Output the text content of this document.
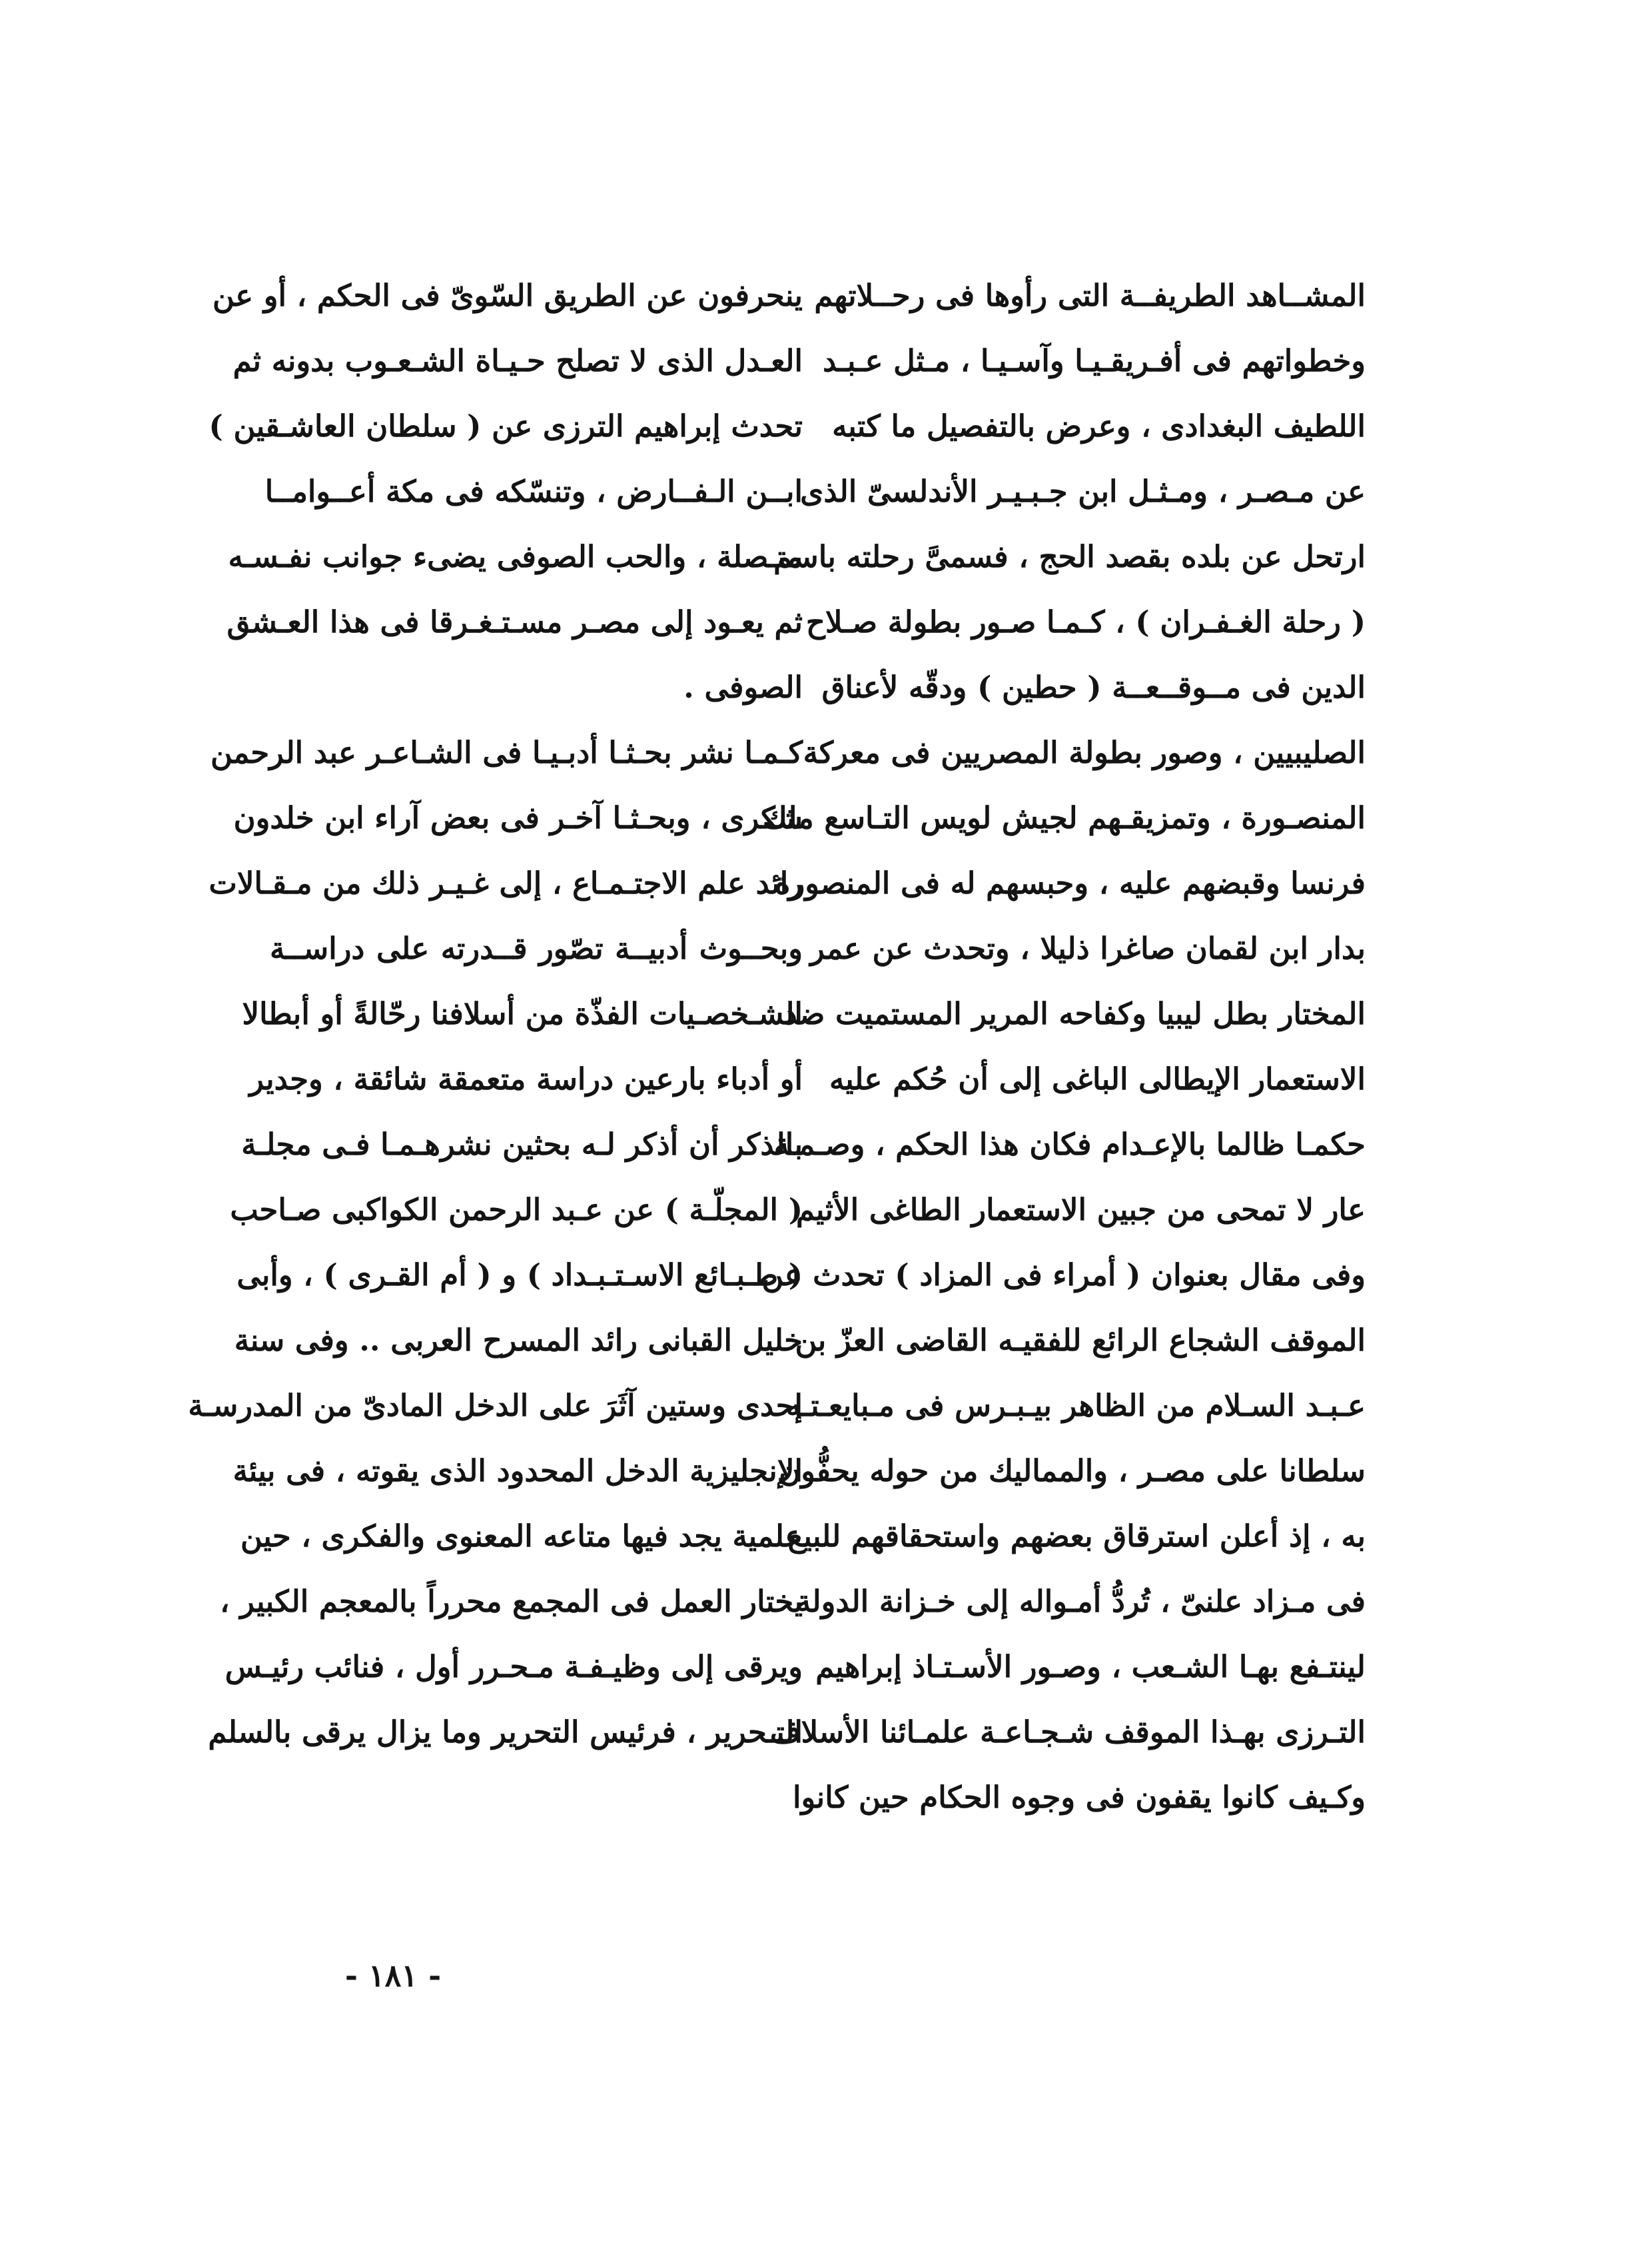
المشــاهد الطريفــة التى رأوها فى رحــلاتهم
وخطواتهم فى أفـريقـيـا وآسـيـا ، مـثل عـبـد
اللطيف البغدادى ، وعرض بالتفصيل ما كتبه
عن مـصـر ، ومـثـل ابن جـبـيـر الأندلسىّ الذى
ارتحل عن بلده بقصد الحج ، فسمىَّ رحلته باسم
( رحلة الغـفـران ) ، كـمـا صـور بطولة صـلاح
الدين فى مــوقــعــة ( حطين ) ودقّه لأعناق
الصليبيين ، وصور بطولة المصريين فى معركة
المنصـورة ، وتمزيقـهم لجيش لويس التـاسع ملك
فرنسا وقبضهم عليه ، وحبسهم له فى المنصورة
بدار ابن لقمان صاغرا ذليلا ، وتحدث عن عمر
المختار بطل ليبيا وكفاحه المرير المستميت ضد
الاستعمار الإيطالى الباغى إلى أن حُكم عليه
حكمـا ظالما بالإعـدام فكان هذا الحكم ، وصـمـة
عار لا تمحى من جبين الاستعمار الطاغى الأثيم
وفى مقال بعنوان ( أمراء فى المزاد ) تحدث عن
الموقف الشجاع الرائع للفقيـه القاضى العزّ بن
عـبـد السـلام من الظاهر بيـبـرس فى مـبايعـتـه
سلطانا على مصـر ، والمماليك من حوله يحفُّون
به ، إذ أعلن استرقاق بعضهم واستحقاقهم للبيع
فى مـزاد علنىّ ، تُردُّ أمـواله إلى خـزانة الدولة
لينتـفع بهـا الشـعب ، وصـور الأسـتـاذ إبراهيم
التـرزى بهـذا الموقف شـجـاعـة علمـائنا الأسلاف
وكـيف كانوا يقفون فى وجوه الحكام حين كانوا
ينحرفون عن الطريق السّوىّ فى الحكم ، أو عن
العـدل الذى لا تصلح حـيـاة الشـعـوب بدونه ثم
تحدث إبراهيم الترزى عن ( سلطان العاشـقين )
ابــن الـفــارض ، وتنسّكه فى مكة أعــوامــا
متـصلة ، والحب الصوفى يضىء جوانب نفـسـه
ثم يعـود إلى مصـر مسـتـغـرقا فى هذا العـشق
الصوفى .
كـمـا نشر بحـثـا أدبـيـا فى الشـاعـر عبد الرحمن
شكرى ، وبحـثـا آخـر فى بعض آراء ابن خلدون
رائد علم الاجتـمـاع ، إلى غـيـر ذلك من مـقـالات
وبحــوث أدبيــة تصّور قــدرته على دراســة
الشـخصـيات الفذّة من أسلافنا رحّالةً أو أبطالا
أو أدباء بارعين دراسة متعمقة شائقة ، وجدير
بالذكر أن أذكر لـه بحثين نشرهـمـا فـى مجلـة
( المجلّـة ) عن عـبد الرحمن الكواكبى صـاحب
( طـبـائع الاسـتـبـداد ) و ( أم القـرى ) ، وأبى
خليل القبانى رائد المسرح العربى .. وفى سنة
إحدى وستين آثَرَ على الدخل المادىّ من المدرسـة
الإنجليزية الدخل المحدود الذى يقوته ، فى بيئة
علمية يجد فيها متاعه المعنوى والفكرى ، حين
يختار العمل فى المجمع محرراً بالمعجم الكبير ،
ويرقى إلى وظيـفـة مـحـرر أول ، فنائب رئيـس
التـحرير ، فرئيس التحرير وما يزال يرقى بالسلم
- ١٨١ -
